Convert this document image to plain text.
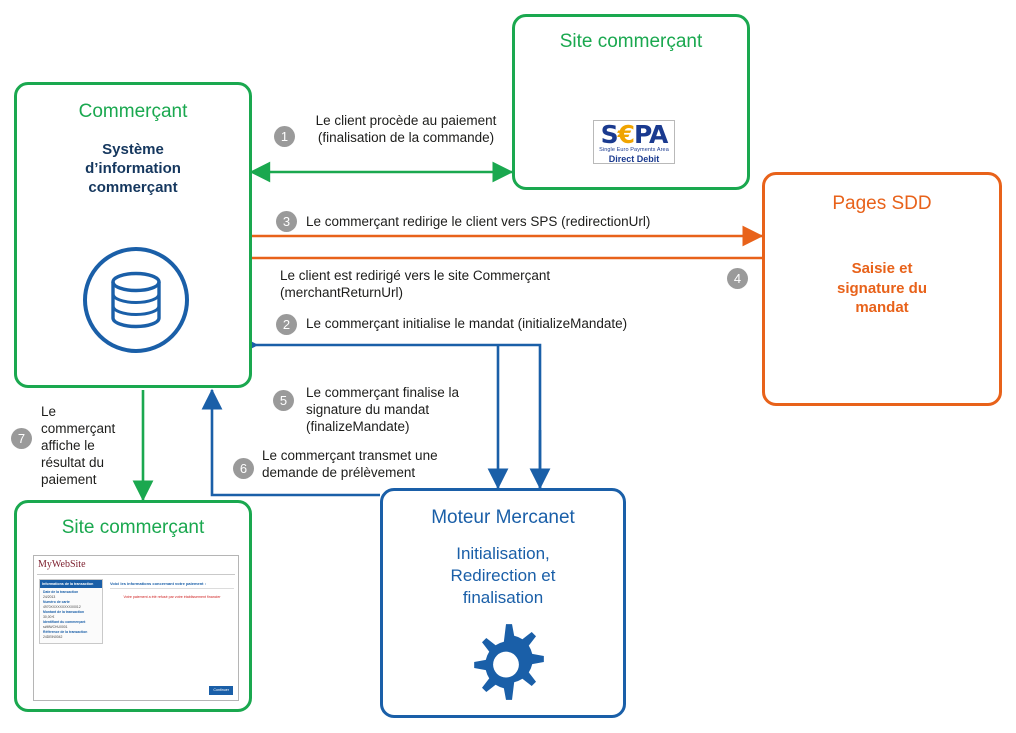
Commerçant
Système d’information commerçant
Site commerçant
S€PA
Single Euro Payments Area
Direct Debit
Pages SDD
Saisie et signature du mandat
Site commerçant
MyWebSite
Informations de la transaction
Date de la transaction
24/2013
Numéro de carte
4970XXXXXXXXXX0012
Montant de la transaction
30,00 €
Identifiant du commerçant
s#MWCHU0001
Référence de la transaction
24DEIN0042
Voici les informations concernant votre paiement :
Votre paiement a été refusé par votre établissement financier
Continuer
Moteur Mercanet
Initialisation, Redirection et finalisation
1
3
4
2
5
6
7
Le client procède au paiement (finalisation de la commande)
Le commerçant redirige le client vers SPS (redirectionUrl)
Le client est redirigé vers le site Commerçant (merchantReturnUrl)
Le commerçant initialise le mandat (initializeMandate)
Le commerçant finalise la signature du mandat (finalizeMandate)
Le commerçant transmet une demande de prélèvement
Le commerçant affiche le résultat du paiement
